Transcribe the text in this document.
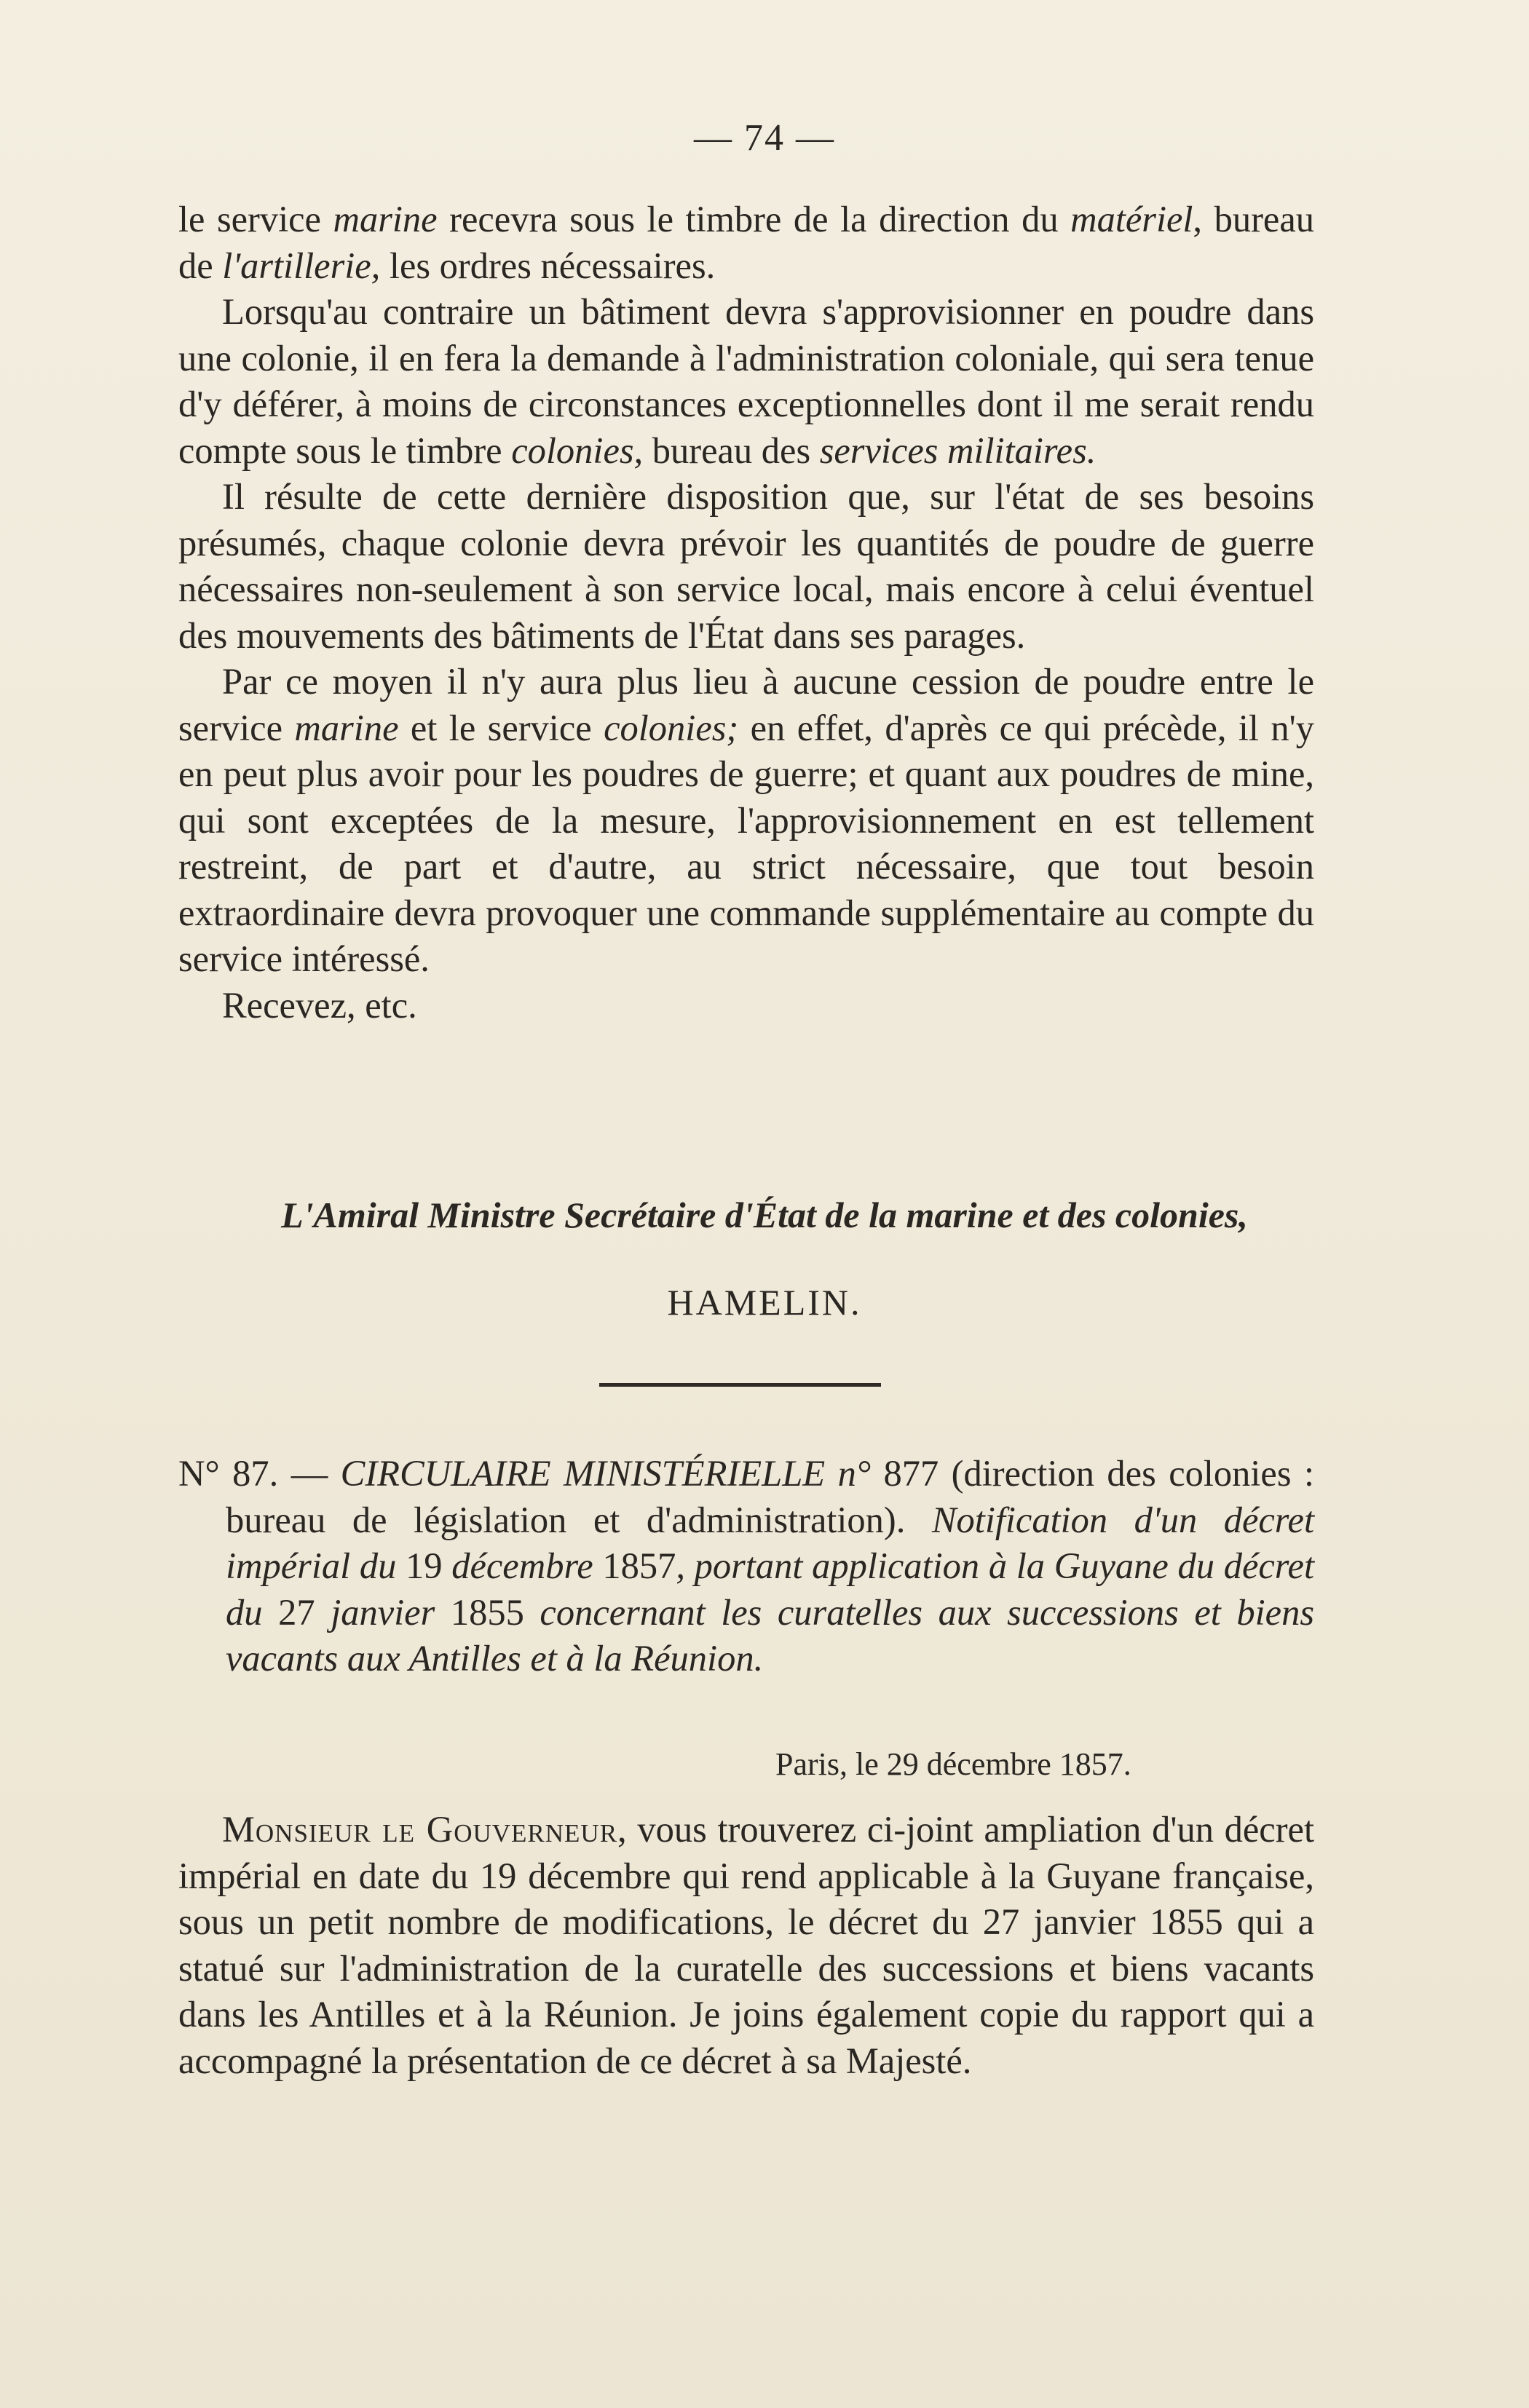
— 74 —

le service marine recevra sous le timbre de la direction du matériel, bureau de l'artillerie, les ordres nécessaires.

Lorsqu'au contraire un bâtiment devra s'approvisionner en poudre dans une colonie, il en fera la demande à l'administration coloniale, qui sera tenue d'y déférer, à moins de circonstances exceptionnelles dont il me serait rendu compte sous le timbre colonies, bureau des services militaires.

Il résulte de cette dernière disposition que, sur l'état de ses besoins présumés, chaque colonie devra prévoir les quantités de poudre de guerre nécessaires non-seulement à son service local, mais encore à celui éventuel des mouvements des bâtiments de l'État dans ses parages.

Par ce moyen il n'y aura plus lieu à aucune cession de poudre entre le service marine et le service colonies; en effet, d'après ce qui précède, il n'y en peut plus avoir pour les poudres de guerre; et quant aux poudres de mine, qui sont exceptées de la mesure, l'approvisionnement en est tellement restreint, de part et d'autre, au strict nécessaire, que tout besoin extraordinaire devra provoquer une commande supplémentaire au compte du service intéressé.

Recevez, etc.

L'Amiral Ministre Secrétaire d'État de la marine et des colonies,
HAMELIN.

N° 87. — CIRCULAIRE MINISTÉRIELLE n° 877 (direction des colonies : bureau de législation et d'administration). Notification d'un décret impérial du 19 décembre 1857, portant application à la Guyane du décret du 27 janvier 1855 concernant les curatelles aux successions et biens vacants aux Antilles et à la Réunion.

Paris, le 29 décembre 1857.

Monsieur le Gouverneur, vous trouverez ci-joint ampliation d'un décret impérial en date du 19 décembre qui rend applicable à la Guyane française, sous un petit nombre de modifications, le décret du 27 janvier 1855 qui a statué sur l'administration de la curatelle des successions et biens vacants dans les Antilles et à la Réunion. Je joins également copie du rapport qui a accompagné la présentation de ce décret à sa Majesté.
